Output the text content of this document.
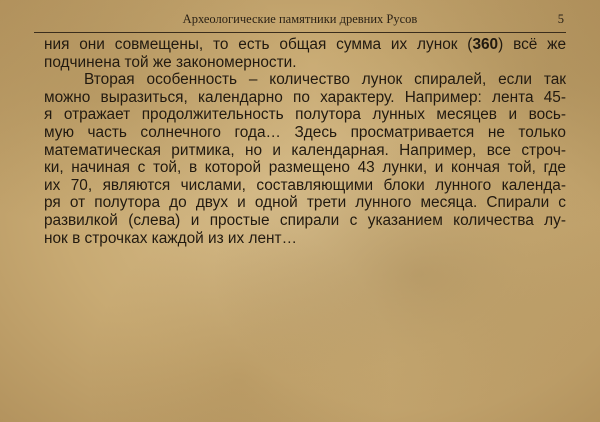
Археологические памятники древних Русов	5
ния они совмещены, то есть общая сумма их лунок (360) всё же
подчинена той же закономерности.
Вторая особенность – количество лунок спиралей, если так
можно выразиться, календарно по характеру. Например: лента 45-
я отражает продолжительность полутора лунных месяцев и вось-
мую часть солнечного года… Здесь просматривается не только
математическая ритмика, но и календарная. Например, все строч-
ки, начиная с той, в которой размещено 43 лунки, и кончая той, где
их 70, являются числами, составляющими блоки лунного календа-
ря от полутора до двух и одной трети лунного месяца. Спирали с
развилкой (слева) и простые спирали с указанием количества лу-
нок в строчках каждой из их лент…
